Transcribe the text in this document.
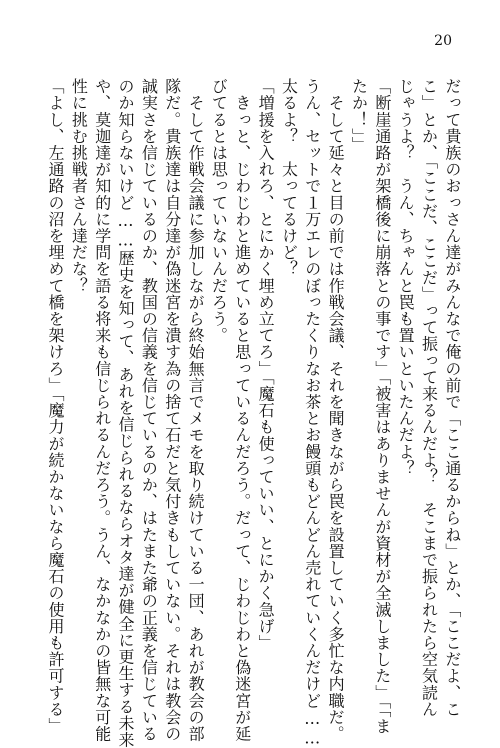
20
だって貴族のおっさん達がみんなで俺の前で「ここ通るからね」とか、「ここだよ、こ
こ」とか、「ここだ、ここだ」って振って来るんだよ？　そこまで振られたら空気読ん
じゃうよ？　うん、ちゃんと罠も置いといたんだよ？
「断崖通路が架橋後に崩落との事です」「被害はありませんが資材が全滅しました」「「ま
たか！」」
　そして延々と目の前では作戦会議、それを聞きながら罠を設置していく多忙な内職だ。
うん、セットで１万エレのぼったくりなお茶とお饅頭もどんどん売れていくんだけど……
太るよ？　太ってるけど？
「増援を入れろ、とにかく埋め立てろ」「魔石も使っていい、とにかく急げ」
　きっと、じわじわと進めていると思っているんだろう。だって、じわじわと偽迷宮が延
びてるとは思っていないんだろう。
　そして作戦会議に参加しながら終始無言でメモを取り続けている一団、あれが教会の部
隊だ。貴族達は自分達が偽迷宮を潰す為の捨て石だと気付きもしていない。それは教会の
誠実さを信じているのか、教国の信義を信じているのか、はたまた爺の正義を信じている
のか知らないけど……歴史を知って、あれを信じられるならオタ達が健全に更生する未来
や、莫迦達が知的に学問を語る将来も信じられるんだろう。うん、なかなかの皆無な可能
性に挑む挑戦者さん達だな？
「よし、左通路の沼を埋めて橋を架けろ」「魔力が続かないなら魔石の使用も許可する」
